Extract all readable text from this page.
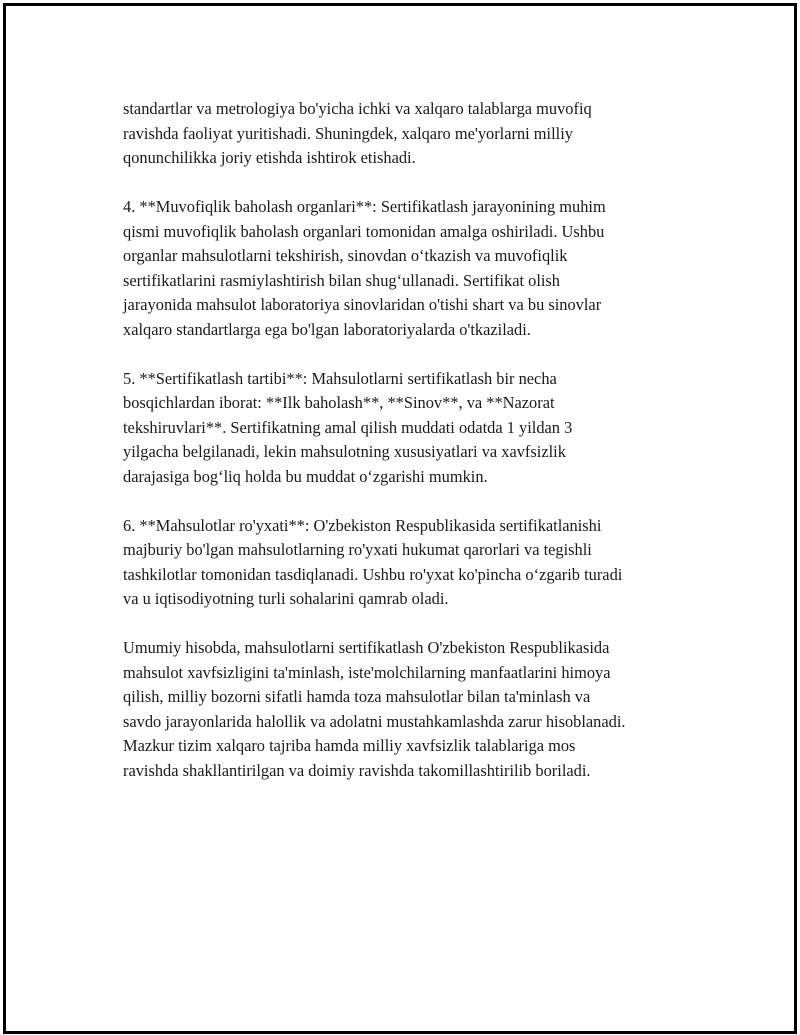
standartlar va metrologiya bo'yicha ichki va xalqaro talablarga muvofiq
ravishda faoliyat yuritishadi. Shuningdek, xalqaro me'yorlarni milliy
qonunchilikka joriy etishda ishtirok etishadi.

4. **Muvofiqlik baholash organlari**: Sertifikatlash jarayonining muhim
qismi muvofiqlik baholash organlari tomonidan amalga oshiriladi. Ushbu
organlar mahsulotlarni tekshirish, sinovdan o‘tkazish va muvofiqlik
sertifikatlarini rasmiylashtirish bilan shug‘ullanadi. Sertifikat olish
jarayonida mahsulot laboratoriya sinovlaridan o'tishi shart va bu sinovlar
xalqaro standartlarga ega bo'lgan laboratoriyalarda o'tkaziladi.

5. **Sertifikatlash tartibi**: Mahsulotlarni sertifikatlash bir necha
bosqichlardan iborat: **Ilk baholash**, **Sinov**, va **Nazorat
tekshiruvlari**. Sertifikatning amal qilish muddati odatda 1 yildan 3
yilgacha belgilanadi, lekin mahsulotning xususiyatlari va xavfsizlik
darajasiga bog‘liq holda bu muddat o‘zgarishi mumkin.

6. **Mahsulotlar ro'yxati**: O'zbekiston Respublikasida sertifikatlanishi
majburiy bo'lgan mahsulotlarning ro'yxati hukumat qarorlari va tegishli
tashkilotlar tomonidan tasdiqlanadi. Ushbu ro'yxat ko'pincha o‘zgarib turadi
va u iqtisodiyotning turli sohalarini qamrab oladi.

Umumiy hisobda, mahsulotlarni sertifikatlash O'zbekiston Respublikasida
mahsulot xavfsizligini ta'minlash, iste'molchilarning manfaatlarini himoya
qilish, milliy bozorni sifatli hamda toza mahsulotlar bilan ta'minlash va
savdo jarayonlarida halollik va adolatni mustahkamlashda zarur hisoblanadi.
Mazkur tizim xalqaro tajriba hamda milliy xavfsizlik talablariga mos
ravishda shakllantirilgan va doimiy ravishda takomillashtirilib boriladi.
